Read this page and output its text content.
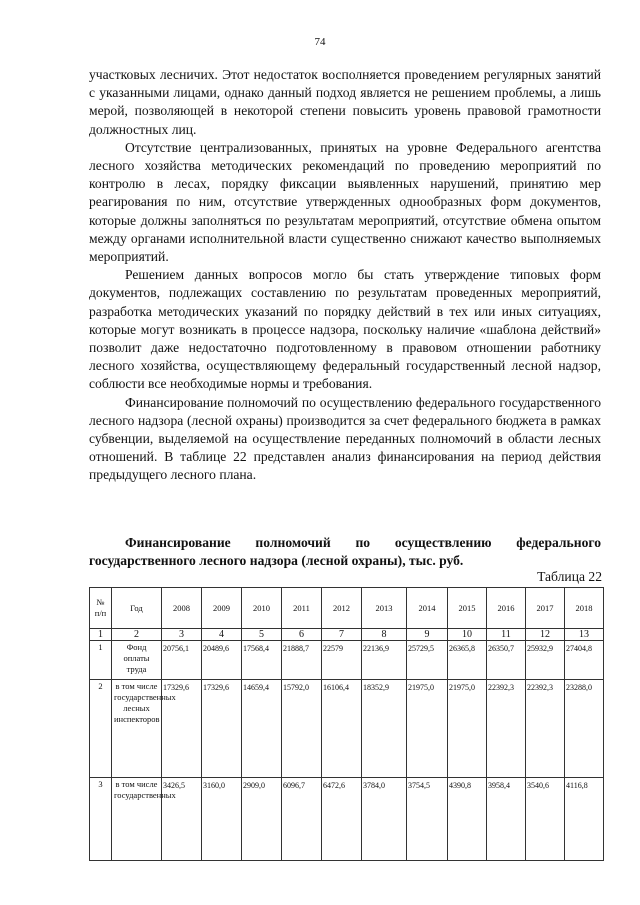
74

участковых лесничих. Этот недостаток восполняется проведением регулярных занятий с указанными лицами, однако данный подход является не решением проблемы, а лишь мерой, позволяющей в некоторой степени повысить уровень правовой грамотности должностных лиц.

Отсутствие централизованных, принятых на уровне Федерального агентства лесного хозяйства методических рекомендаций по проведению мероприятий по контролю в лесах, порядку фиксации выявленных нарушений, принятию мер реагирования по ним, отсутствие утвержденных однообразных форм документов, которые должны заполняться по результатам мероприятий, отсутствие обмена опытом между органами исполнительной власти существенно снижают качество выполняемых мероприятий.

Решением данных вопросов могло бы стать утверждение типовых форм документов, подлежащих составлению по результатам проведенных мероприятий, разработка методических указаний по порядку действий в тех или иных ситуациях, которые могут возникать в процессе надзора, поскольку наличие «шаблона действий» позволит даже недостаточно подготовленному в правовом отношении работнику лесного хозяйства, осуществляющему федеральный государственный лесной надзор, соблюсти все необходимые нормы и требования.

Финансирование полномочий по осуществлению федерального государственного лесного надзора (лесной охраны) производится за счет федерального бюджета в рамках субвенции, выделяемой на осуществление переданных полномочий в области лесных отношений. В таблице 22 представлен анализ финансирования на период действия предыдущего лесного плана.

Финансирование полномочий по осуществлению федерального государственного лесного надзора (лесной охраны), тыс. руб.
Таблица 22
№ п/п	Год	2008	2009	2010	2011	2012	2013	2014	2015	2016	2017	2018
1	2	3	4	5	6	7	8	9	10	11	12	13
1	Фонд оплаты труда	20756,1	20489,6	17568,4	21888,7	22579	22136,9	25729,5	26365,8	26350,7	25932,9	27404,8
2	в том числе государственных лесных инспекторов	17329,6	17329,6	14659,4	15792,0	16106,4	18352,9	21975,0	21975,0	22392,3	22392,3	23288,0
3	в том числе государственных	3426,5	3160,0	2909,0	6096,7	6472,6	3784,0	3754,5	4390,8	3958,4	3540,6	4116,8
